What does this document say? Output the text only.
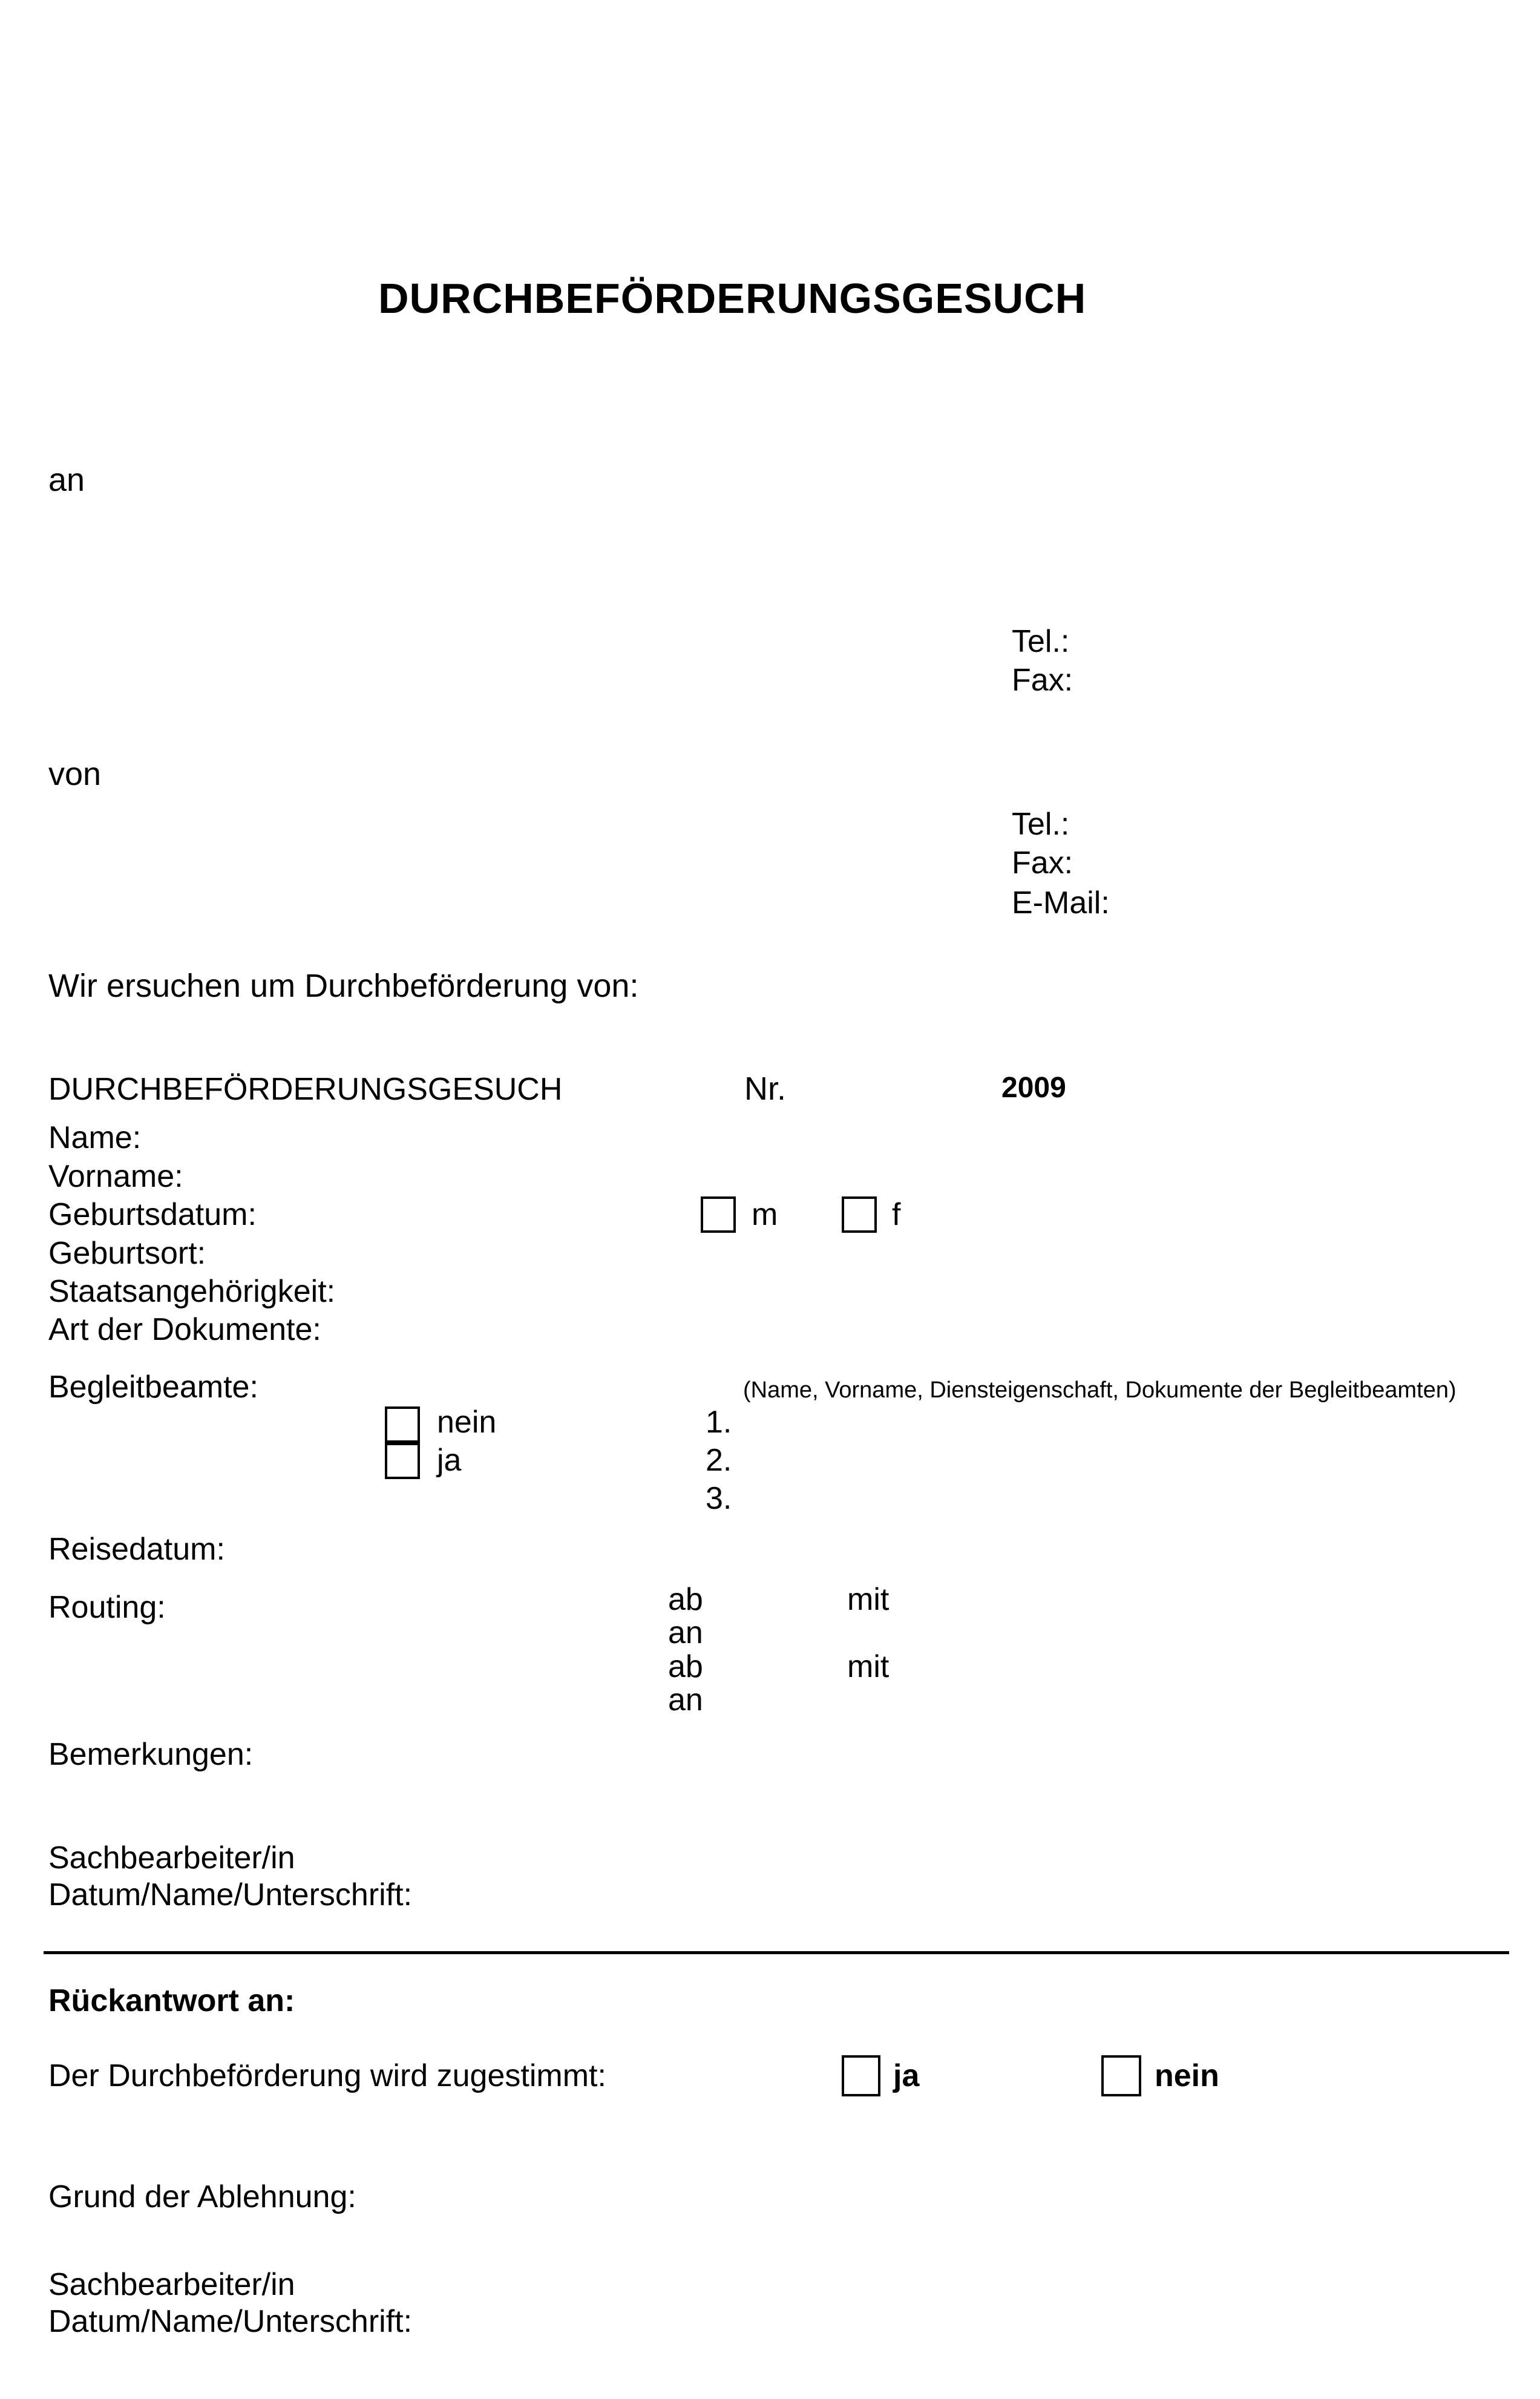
DURCHBEFÖRDERUNGSGESUCH
an
Tel.:
Fax:
von
Tel.:
Fax:
E-Mail:
Wir ersuchen um Durchbeförderung von:
DURCHBEFÖRDERUNGSGESUCH	Nr.	2009
Name:
Vorname:
Geburtsdatum:	m	f
Geburtsort:
Staatsangehörigkeit:
Art der Dokumente:
Begleitbeamte:	(Name, Vorname, Diensteigenschaft, Dokumente der Begleitbeamten)
nein
ja
1.
2.
3.
Reisedatum:
Routing:	ab	mit
an
ab	mit
an
Bemerkungen:
Sachbearbeiter/in
Datum/Name/Unterschrift:
Rückantwort an:
Der Durchbeförderung wird zugestimmt:	ja	nein
Grund der Ablehnung:
Sachbearbeiter/in
Datum/Name/Unterschrift:
